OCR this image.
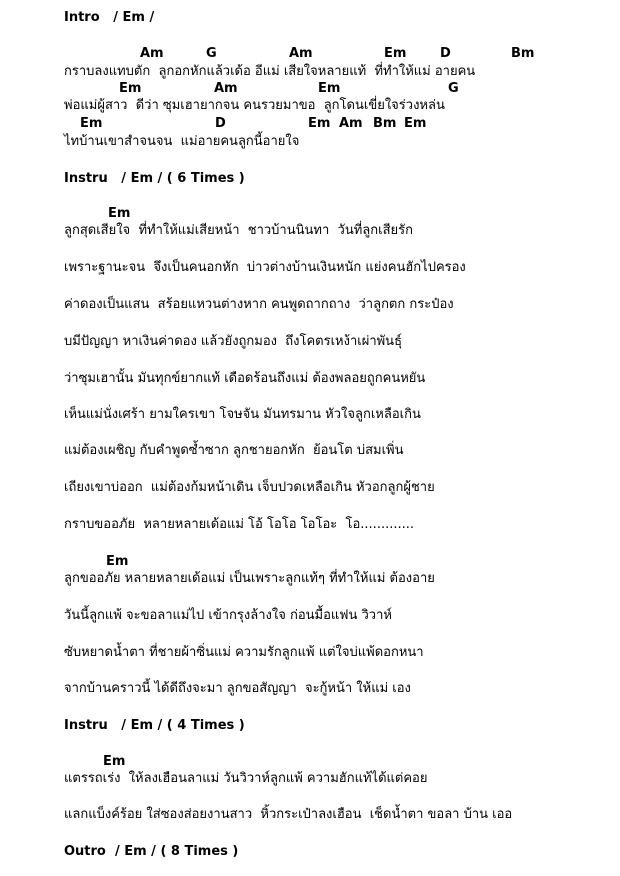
Intro / Em /

Am

	G

	Am

	Em

	D

	Bm

กราบลงแทบตัก  ลูกอกหักแล้วเด้อ อีแม่ เสียใจหลายแท้  ที่ทำให้แม่ อายคน

Em

	Am

	Em

	G

พ่อแม่ผู้สาว  ดีว่า ซุมเฮายากจน คนรวยมาขอ  ลูกโดนเขี่ยใจร่วงหล่น

Em

	D

	Em

Am

Bm

Em

ไทบ้านเขาสำจนจน  แม่อายคนลูกนี้อายใจ
Instru / Em / ( 6 Times )

Em

ลูกสุดเสียใจ  ที่ทำให้แม่เสียหน้า  ชาวบ้านนินทา  วันที่ลูกเสียรัก
เพราะฐานะจน  จึงเป็นคนอกหัก  บ่าวต่างบ้านเงินหนัก แย่งคนฮักไปครอง
ค่าดองเป็นแสน  สร้อยแหวนต่างหาก คนพูดถากถาง  ว่าลูกตก กระป๋อง
บมีปัญญา หาเงินค่าดอง แล้วยังถูกมอง  ถึงโคตรเหง้าเผ่าพันธุ์
ว่าซุมเฮานั้น มันทุกข์ยากแท้ เดือดร้อนถึงแม่ ต้องพลอยถูกคนหยัน
เห็นแม่นั่งเศร้า ยามใครเขา โจษจัน มันทรมาน หัวใจลูกเหลือเกิน
แม่ต้องเผชิญ กับคำพูดซ้ำซาก ลูกชายอกหัก  ย้อนโต บ่สมเพิ่น
เถียงเขาบ่ออก  แม่ต้องก้มหน้าเดิน เจ็บปวดเหลือเกิน หัวอกลูกผู้ชาย
กราบขออภัย  หลายหลายเด้อแม่ โอ้ โอโอ โอโอะ  โอ.............

Em

ลูกขออภัย หลายหลายเด้อแม่ เป็นเพราะลูกแท้ๆ ที่ทำให้แม่ ต้องอาย
วันนี้ลูกแพ้ จะขอลาแม่ไป เข้ากรุงล้างใจ ก่อนมื้อแฟน วิวาห์
ซับหยาดน้ำตา ที่ชายผ้าซิ่นแม่ ความรักลูกแพ้ แต่ใจบ่แพ้ดอกหนา
จากบ้านคราวนี้ ได้ดีถึงจะมา ลูกขอสัญญา  จะกู้หน้า ให้แม่ เอง
Instru / Em / ( 4 Times )

Em

แตรรถเร่ง  ให้ลงเฮือนลาแม่ วันวิวาห์ลูกแพ้ ความฮักแท้ได้แต่คอย
แลกแบ็งค์ร้อย ใส่ซองส่อยงานสาว  หิ้วกระเป๋าลงเฮือน  เช็ดน้ำตา ขอลา บ้าน เออ
Outro / Em / ( 8 Times )
